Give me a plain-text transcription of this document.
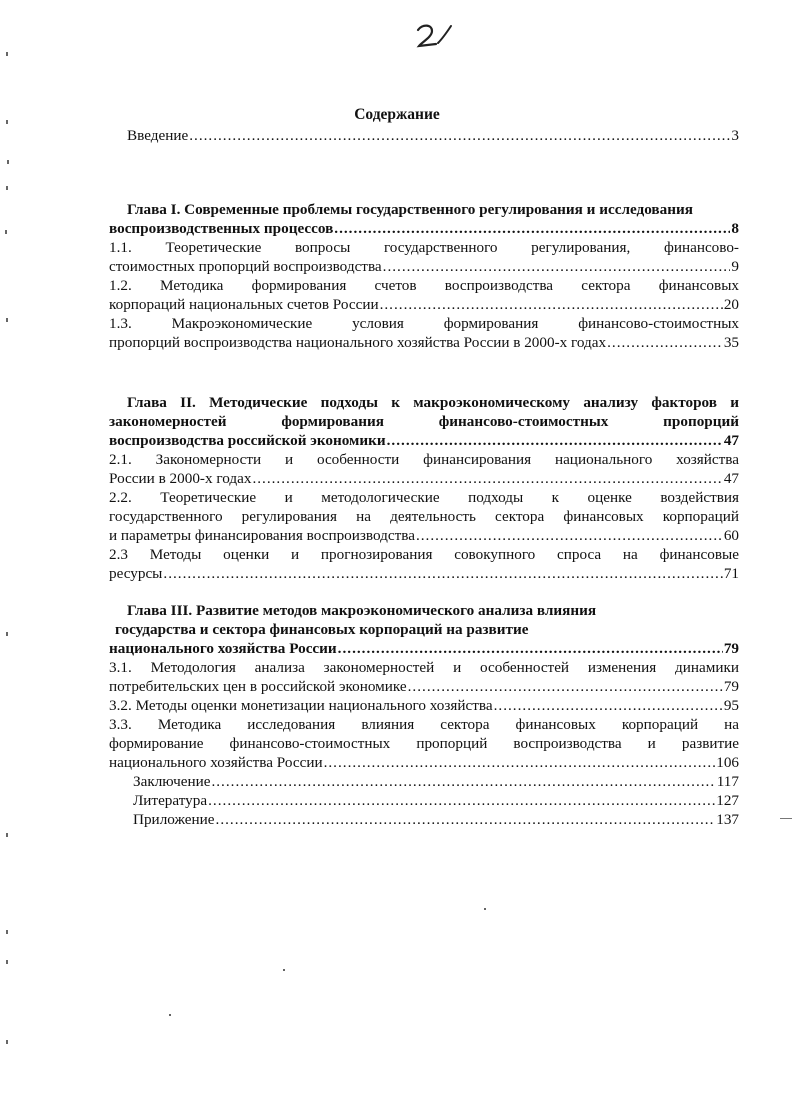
2
Содержание
Введение .....	3
Глава I. Современные проблемы государственного регулирования и исследования
воспроизводственных процессов .....	8
1.1. Теоретические вопросы государственного регулирования, финансово-
стоимостных пропорций воспроизводства .....	9
1.2. Методика формирования счетов воспроизводства сектора финансовых
корпораций национальных счетов России .....	20
1.3. Макроэкономические условия формирования финансово-стоимостных
пропорций воспроизводства национального хозяйства России в 2000-х годах .....	35
Глава II. Методические подходы к макроэкономическому анализу факторов и
закономерностей формирования финансово-стоимостных пропорций
воспроизводства российской экономики .....	47
2.1. Закономерности и особенности финансирования национального хозяйства
России в 2000-х годах .....	47
2.2. Теоретические и методологические подходы к оценке воздействия
государственного регулирования на деятельность сектора финансовых корпораций
и параметры финансирования воспроизводства .....	60
2.3 Методы оценки и прогнозирования совокупного спроса на финансовые
ресурсы .....	71
Глава III. Развитие методов макроэкономического анализа влияния
государства и сектора финансовых корпораций на развитие
национального хозяйства России .....	79
3.1. Методология анализа закономерностей и особенностей изменения динамики
потребительских цен в российской экономике .....	79
3.2. Методы оценки монетизации национального хозяйства .....	95
3.3. Методика исследования влияния сектора финансовых корпораций на
формирование финансово-стоимостных пропорций воспроизводства и развитие
национального хозяйства России .....	106
Заключение .....	117
Литература .....	127
Приложение .....	137
